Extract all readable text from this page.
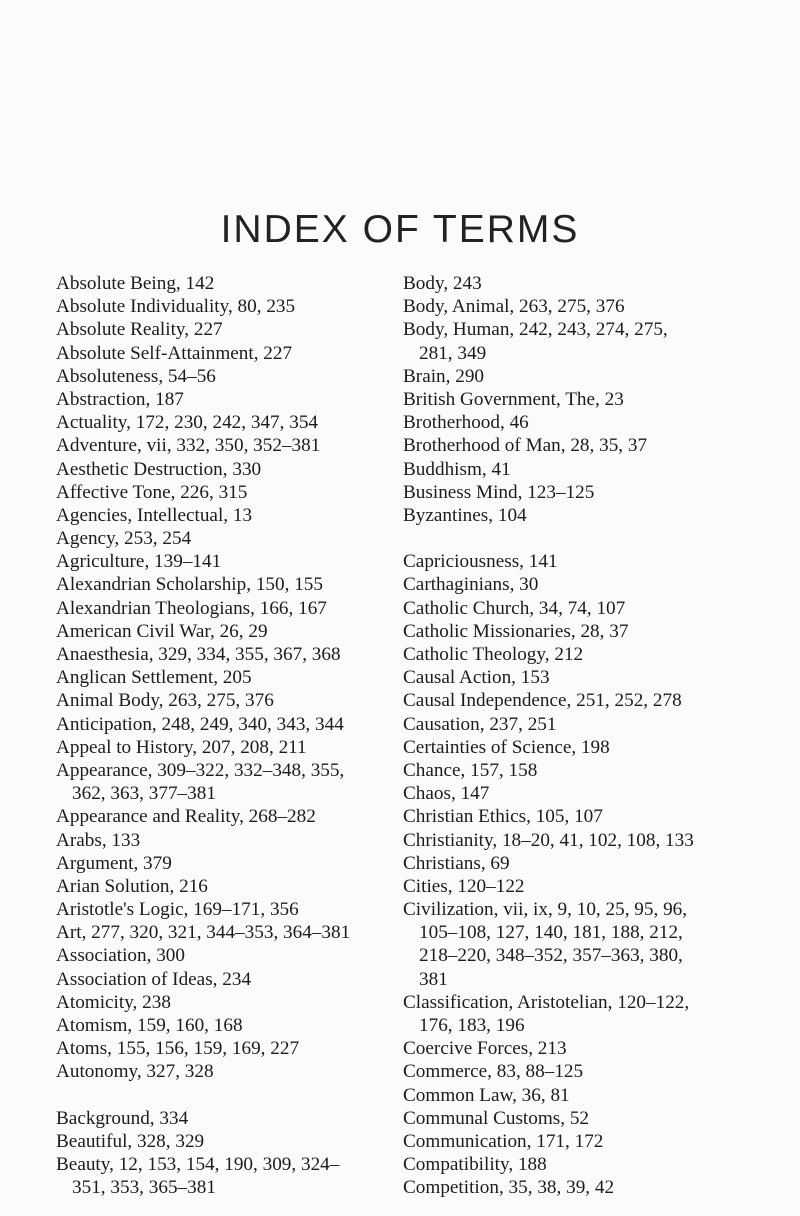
INDEX OF TERMS
Absolute Being, 142
Absolute Individuality, 80, 235
Absolute Reality, 227
Absolute Self-Attainment, 227
Absoluteness, 54–56
Abstraction, 187
Actuality, 172, 230, 242, 347, 354
Adventure, vii, 332, 350, 352–381
Aesthetic Destruction, 330
Affective Tone, 226, 315
Agencies, Intellectual, 13
Agency, 253, 254
Agriculture, 139–141
Alexandrian Scholarship, 150, 155
Alexandrian Theologians, 166, 167
American Civil War, 26, 29
Anaesthesia, 329, 334, 355, 367, 368
Anglican Settlement, 205
Animal Body, 263, 275, 376
Anticipation, 248, 249, 340, 343, 344
Appeal to History, 207, 208, 211
Appearance, 309–322, 332–348, 355,
362, 363, 377–381
Appearance and Reality, 268–282
Arabs, 133
Argument, 379
Arian Solution, 216
Aristotle's Logic, 169–171, 356
Art, 277, 320, 321, 344–353, 364–381
Association, 300
Association of Ideas, 234
Atomicity, 238
Atomism, 159, 160, 168
Atoms, 155, 156, 159, 169, 227
Autonomy, 327, 328
Background, 334
Beautiful, 328, 329
Beauty, 12, 153, 154, 190, 309, 324–
351, 353, 365–381
Body, 243
Body, Animal, 263, 275, 376
Body, Human, 242, 243, 274, 275,
281, 349
Brain, 290
British Government, The, 23
Brotherhood, 46
Brotherhood of Man, 28, 35, 37
Buddhism, 41
Business Mind, 123–125
Byzantines, 104
Capriciousness, 141
Carthaginians, 30
Catholic Church, 34, 74, 107
Catholic Missionaries, 28, 37
Catholic Theology, 212
Causal Action, 153
Causal Independence, 251, 252, 278
Causation, 237, 251
Certainties of Science, 198
Chance, 157, 158
Chaos, 147
Christian Ethics, 105, 107
Christianity, 18–20, 41, 102, 108, 133
Christians, 69
Cities, 120–122
Civilization, vii, ix, 9, 10, 25, 95, 96,
105–108, 127, 140, 181, 188, 212,
218–220, 348–352, 357–363, 380,
381
Classification, Aristotelian, 120–122,
176, 183, 196
Coercive Forces, 213
Commerce, 83, 88–125
Common Law, 36, 81
Communal Customs, 52
Communication, 171, 172
Compatibility, 188
Competition, 35, 38, 39, 42
